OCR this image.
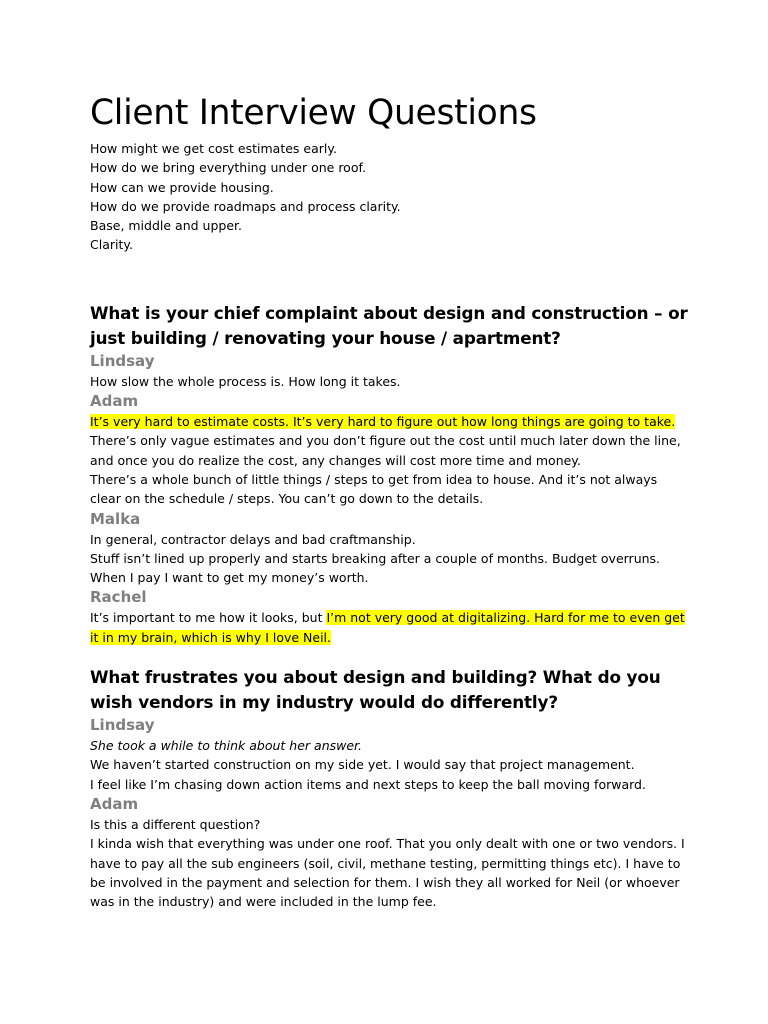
Client Interview Questions

How might we get cost estimates early.

How do we bring everything under one roof.

How can we provide housing.

How do we provide roadmaps and process clarity.

Base, middle and upper.

Clarity.

What is your chief complaint about design and construction – or just building / renovating your house / apartment?
Lindsay

How slow the whole process is. How long it takes.

Adam

It’s very hard to estimate costs. It’s very hard to figure out how long things are going to take.

There’s only vague estimates and you don’t figure out the cost until much later down the line, and once you do realize the cost, any changes will cost more time and money.

There’s a whole bunch of little things / steps to get from idea to house. And it’s not always clear on the schedule / steps. You can’t go down to the details.

Malka

In general, contractor delays and bad craftmanship.

Stuff isn’t lined up properly and starts breaking after a couple of months. Budget overruns.

When I pay I want to get my money’s worth.

Rachel

It’s important to me how it looks, but I’m not very good at digitalizing. Hard for me to even get it in my brain, which is why I love Neil.

What frustrates you about design and building? What do you wish vendors in my industry would do differently?
Lindsay

She took a while to think about her answer.

We haven’t started construction on my side yet. I would say that project management.

I feel like I’m chasing down action items and next steps to keep the ball moving forward.

Adam

Is this a different question?

I kinda wish that everything was under one roof. That you only dealt with one or two vendors. I have to pay all the sub engineers (soil, civil, methane testing, permitting things etc). I have to be involved in the payment and selection for them. I wish they all worked for Neil (or whoever was in the industry) and were included in the lump fee.
